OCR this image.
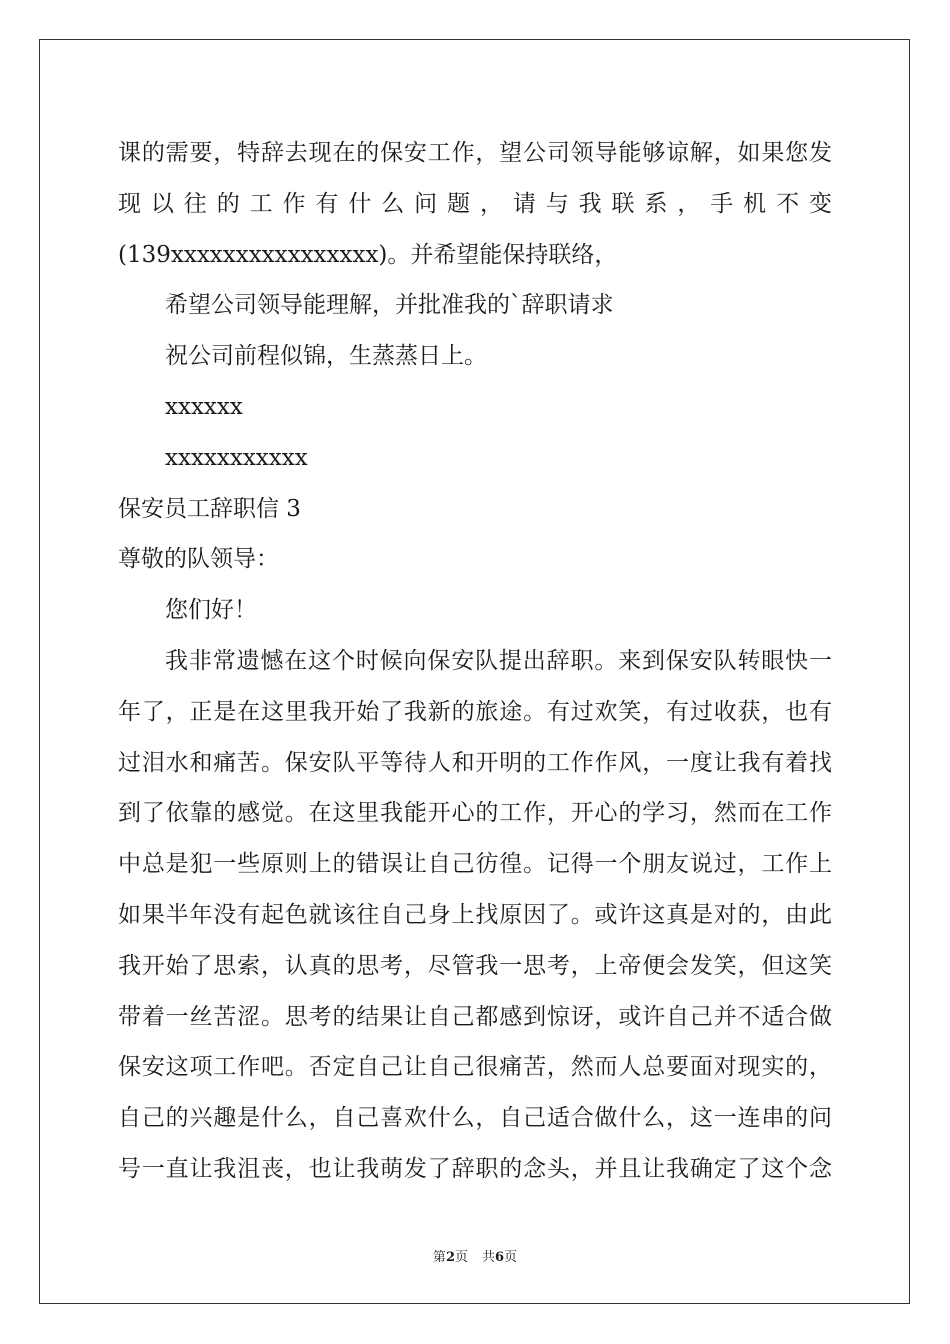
课的需要，特辞去现在的保安工作，望公司领导能够谅解，如果您发
现 以 往 的 工 作 有 什 么 问 题 ， 请 与 我 联 系 ， 手 机 不 变
(139xxxxxxxxxxxxxxxx)。并希望能保持联络，
希望公司领导能理解，并批准我的`辞职请求
祝公司前程似锦，生蒸蒸日上。
xxxxxx
xxxxxxxxxxx
保安员工辞职信 3
尊敬的队领导：
您们好！
我非常遗憾在这个时候向保安队提出辞职。来到保安队转眼快一
年了，正是在这里我开始了我新的旅途。有过欢笑，有过收获，也有
过泪水和痛苦。保安队平等待人和开明的工作作风，一度让我有着找
到了依靠的感觉。在这里我能开心的工作，开心的学习，然而在工作
中总是犯一些原则上的错误让自己彷徨。记得一个朋友说过，工作上
如果半年没有起色就该往自己身上找原因了。或许这真是对的，由此
我开始了思索，认真的思考，尽管我一思考，上帝便会发笑，但这笑
带着一丝苦涩。思考的结果让自己都感到惊讶，或许自己并不适合做
保安这项工作吧。否定自己让自己很痛苦，然而人总要面对现实的，
自己的兴趣是什么，自己喜欢什么，自己适合做什么，这一连串的问
号一直让我沮丧，也让我萌发了辞职的念头，并且让我确定了这个念
第2页 共6页
